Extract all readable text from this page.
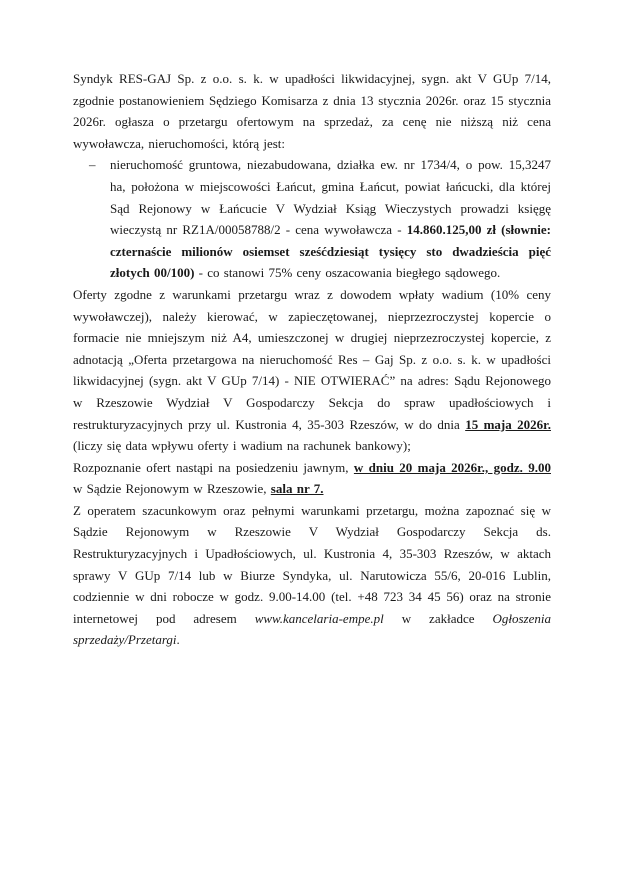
Syndyk RES-GAJ Sp. z o.o. s. k. w upadłości likwidacyjnej, sygn. akt V GUp 7/14, zgodnie postanowieniem Sędziego Komisarza z dnia 13 stycznia 2026r. oraz 15 stycznia 2026r. ogłasza o przetargu ofertowym na sprzedaż, za cenę nie niższą niż cena wywoławcza, nieruchomości, którą jest:

– nieruchomość gruntowa, niezabudowana, działka ew. nr 1734/4, o pow. 15,3247 ha, położona w miejscowości Łańcut, gmina Łańcut, powiat łańcucki, dla której Sąd Rejonowy w Łańcucie V Wydział Ksiąg Wieczystych prowadzi księgę wieczystą nr RZ1A/00058788/2 - cena wywoławcza - 14.860.125,00 zł (słownie: czternaście milionów osiemset sześćdziesiąt tysięcy sto dwadzieścia pięć złotych 00/100) - co stanowi 75% ceny oszacowania biegłego sądowego.

Oferty zgodne z warunkami przetargu wraz z dowodem wpłaty wadium (10% ceny wywoławczej), należy kierować, w zapieczętowanej, nieprzezroczystej kopercie o formacie nie mniejszym niż A4, umieszczonej w drugiej nieprzezroczystej kopercie, z adnotacją „Oferta przetargowa na nieruchomość Res – Gaj Sp. z o.o. s. k. w upadłości likwidacyjnej (sygn. akt V GUp 7/14) - NIE OTWIERAĆ” na adres: Sądu Rejonowego w Rzeszowie Wydział V Gospodarczy Sekcja do spraw upadłościowych i restrukturyzacyjnych przy ul. Kustronia 4, 35-303 Rzeszów, w do dnia 15 maja 2026r. (liczy się data wpływu oferty i wadium na rachunek bankowy);

Rozpoznanie ofert nastąpi na posiedzeniu jawnym, w dniu 20 maja 2026r., godz. 9.00 w Sądzie Rejonowym w Rzeszowie, sala nr 7.

Z operatem szacunkowym oraz pełnymi warunkami przetargu, można zapoznać się w Sądzie Rejonowym w Rzeszowie V Wydział Gospodarczy Sekcja ds. Restrukturyzacyjnych i Upadłościowych, ul. Kustronia 4, 35-303 Rzeszów, w aktach sprawy V GUp 7/14 lub w Biurze Syndyka, ul. Narutowicza 55/6, 20-016 Lublin, codziennie w dni robocze w godz. 9.00-14.00 (tel. +48 723 34 45 56) oraz na stronie internetowej pod adresem www.kancelaria-empe.pl w zakładce Ogłoszenia sprzedaży/Przetargi.
